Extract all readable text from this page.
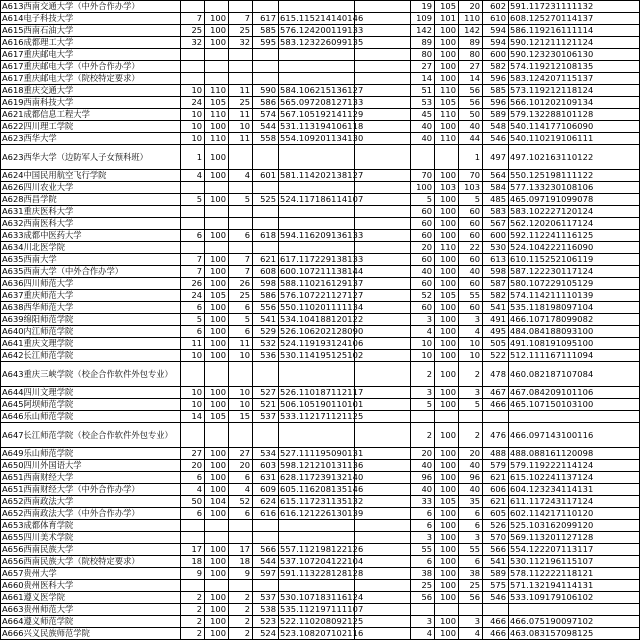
A613西南交通大学（中外合作办学）							19	105	20	602	591.117231111132
A614电子科技大学	7	100	7	617	615.115214140146		109	101	110	610	608.125270114137
A615西南石油大学	25	100	25	585	576.124200119133		142	100	142	594	586.119216111114
A616成都理工大学	32	100	32	595	583.123226099135		89	100	89	594	590.121211121124
A617重庆邮电大学							80	100	80	600	590.123230106130
A617重庆邮电大学（中外合作办学）							27	100	27	582	574.119212108135
A617重庆邮电大学（院校特定要求）							14	100	14	596	583.124207115137
A618重庆交通大学	10	110	11	590	584.106215136127		51	110	56	585	573.119212118124
A619西南科技大学	24	105	25	586	565.097208127133		53	105	56	596	566.101202109134
A621成都信息工程大学	10	110	11	574	567.105192141129		45	110	50	589	579.132288101128
A622四川理工学院	10	100	10	544	531.113194106118		40	100	40	548	540.114177106090
A623西华大学	10	110	11	558	554.109201134130		40	110	44	546	540.110219106111
A623西华大学（边防军人子女预科班）	1	100							1	497	497.102163110122
A624中国民用航空飞行学院	4	100	4	601	581.114202138127		70	100	70	564	550.125198111122
A626四川农业大学							100	103	103	584	577.133230108106
A628西昌学院	5	100	5	525	524.117186114107		5	100	5	485	465.097191099078
A631重庆医科大学							60	100	60	583	583.102227120124
A632西南医科大学							60	100	60	567	562.120206117124
A633成都中医药大学	6	100	6	618	594.116209136133		60	100	60	600	592.112241116125
A634川北医学院							20	110	22	530	524.104222116090
A635西南大学	7	100	7	621	617.117229138133		60	100	60	613	610.115252106119
A635西南大学（中外合作办学）	7	100	7	608	600.107211138144		40	100	40	598	587.122230117124
A636四川师范大学	26	100	26	598	588.110216129137		60	100	60	587	580.107229105129
A637重庆师范大学	24	105	25	586	576.107221127127		52	105	55	582	574.114211110139
A638西华师范大学	6	100	6	556	550.110201111134		60	100	60	541	535.118198097104
A639绵阳师范学院	5	100	5	541	534.104188120122		3	100	3	491	466.107178099082
A640内江师范学院	6	100	6	529	526.106202128090		4	100	4	495	484.084188093100
A641重庆文理学院	11	100	11	532	524.119193124106		10	100	10	505	491.108191095100
A642长江师范学院	10	100	10	536	530.114195125102		10	100	10	522	512.111167111094
A643重庆三峡学院（校企合作软件外包专业）							2	100	2	478	460.082187107084
A644四川文理学院	10	100	10	527	526.110187112117		3	100	3	467	467.084209101106
A645阿坝师范学院	10	100	10	521	506.105190110101		5	100	5	466	465.107150103100
A646乐山师范学院	14	105	15	537	533.112171121125						
A647长江师范学院（校企合作软件外包专业）							2	100	2	476	466.097143100116
A649乐山师范学院	27	100	27	534	527.111195090131		20	100	20	488	488.088161120098
A650四川外国语大学	20	100	20	603	598.121210131136		40	100	40	579	579.119222114124
A651西南财经大学	6	100	6	631	628.117239132140		96	100	96	621	615.102241137124
A651西南财经大学（中外合作办学）	4	100	4	609	605.116208135146		40	100	40	606	604.123234114131
A652西南政法大学	50	104	52	624	615.117231135132		33	105	35	621	611.117243117124
A652西南政法大学（中外合作办学）	6	100	6	616	616.121226130139		6	100	6	605	602.114217110120
A653成都体育学院							6	100	6	526	525.103162099120
A655四川美术学院							3	100	3	570	569.113201127128
A656西南民族大学	17	100	17	566	557.112198122126		55	100	55	566	554.122207113117
A656西南民族大学（院校特定要求）	18	100	18	544	537.107204122104		6	100	6	541	530.112196115107
A657贵州大学	9	100	9	597	591.113228128128		38	100	38	589	578.112222118121
A660贵州医科大学							25	100	25	575	571.132194114131
A661遵义医学院	2	100	2	537	530.107183116124		56	100	56	546	533.109179106102
A663贵州师范大学	2	100	2	538	535.112197111107						
A664遵义师范学院	2	100	2	523	522.110208092125		3	100	3	466	466.075190097102
A666兴义民族师范学院	2	100	2	524	523.108207102116		4	100	4	466	463.083157098125
